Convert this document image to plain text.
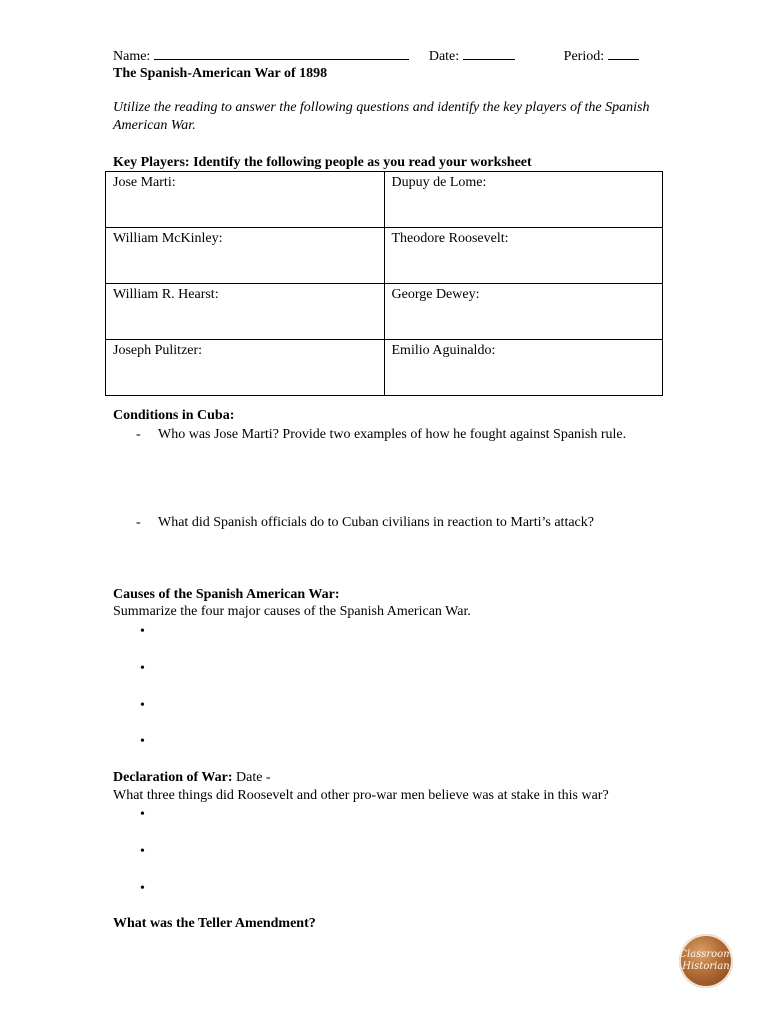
Name:	Date:	Period:
The Spanish-American War of 1898
Utilize the reading to answer the following questions and identify the key players of the Spanish American War.
Key Players: Identify the following people as you read your worksheet
Jose Marti:	Dupuy de Lome:
William McKinley:	Theodore Roosevelt:
William R. Hearst:	George Dewey:
Joseph Pulitzer:	Emilio Aguinaldo:
Conditions in Cuba:
- Who was Jose Marti? Provide two examples of how he fought against Spanish rule.
- What did Spanish officials do to Cuban civilians in reaction to Marti’s attack?
Causes of the Spanish American War:
Summarize the four major causes of the Spanish American War.
•
•
•
•
Declaration of War: Date -
What three things did Roosevelt and other pro-war men believe was at stake in this war?
•
•
•
What was the Teller Amendment?
Classroom
Historian
